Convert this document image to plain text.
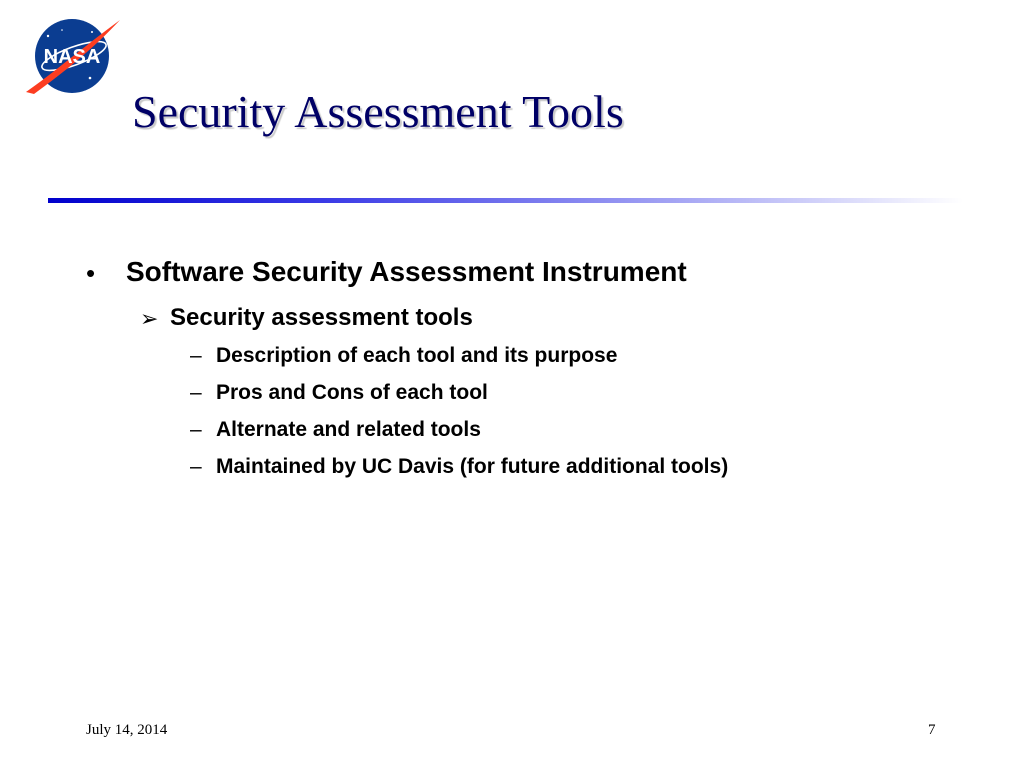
NASA
Security Assessment Tools
• Software Security Assessment Instrument
➢ Security assessment tools
– Description of each tool and its purpose
– Pros and Cons of each tool
– Alternate and related tools
– Maintained by UC Davis (for future additional tools)
July 14, 2014	7
